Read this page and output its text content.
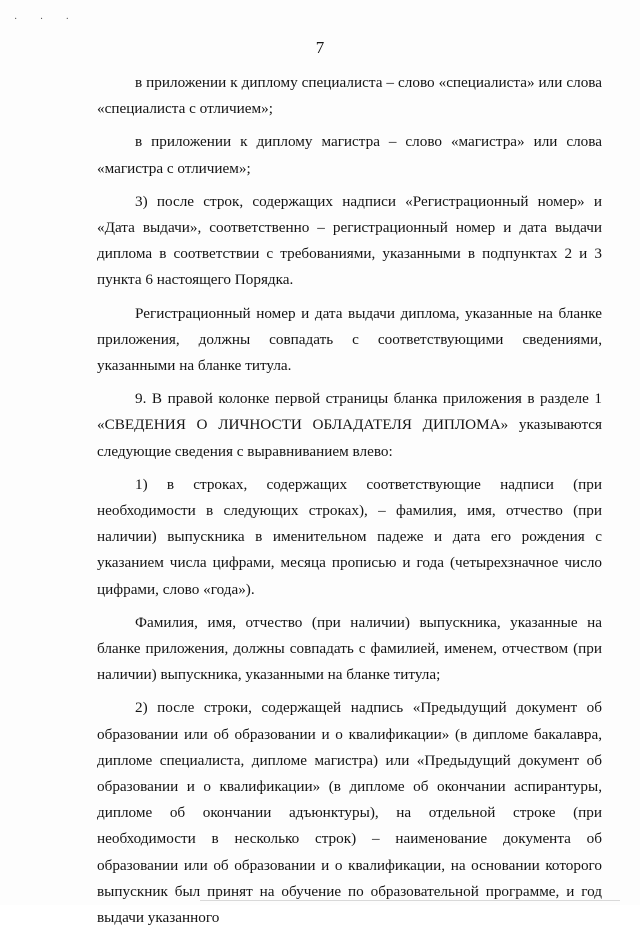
· · ·
7

в приложении к диплому специалиста – слово «специалиста» или слова «специалиста с отличием»;

в приложении к диплому магистра – слово «магистра» или слова «магистра с отличием»;

3) после строк, содержащих надписи «Регистрационный номер» и «Дата выдачи», соответственно – регистрационный номер и дата выдачи диплома в соответствии с требованиями, указанными в подпунктах 2 и 3 пункта 6 настоящего Порядка.

Регистрационный номер и дата выдачи диплома, указанные на бланке приложения, должны совпадать с соответствующими сведениями, указанными на бланке титула.

9. В правой колонке первой страницы бланка приложения в разделе 1 «СВЕДЕНИЯ О ЛИЧНОСТИ ОБЛАДАТЕЛЯ ДИПЛОМА» указываются следующие сведения с выравниванием влево:

1) в строках, содержащих соответствующие надписи (при необходимости в следующих строках), – фамилия, имя, отчество (при наличии) выпускника в именительном падеже и дата его рождения с указанием числа цифрами, месяца прописью и года (четырехзначное число цифрами, слово «года»).

Фамилия, имя, отчество (при наличии) выпускника, указанные на бланке приложения, должны совпадать с фамилией, именем, отчеством (при наличии) выпускника, указанными на бланке титула;

2) после строки, содержащей надпись «Предыдущий документ об образовании или об образовании и о квалификации» (в дипломе бакалавра, дипломе специалиста, дипломе магистра) или «Предыдущий документ об образовании и о квалификации» (в дипломе об окончании аспирантуры, дипломе об окончании адъюнктуры), на отдельной строке (при необходимости в несколько строк) – наименование документа об образовании или об образовании и о квалификации, на основании которого выпускник был принят на обучение по образовательной программе, и год выдачи указанного
